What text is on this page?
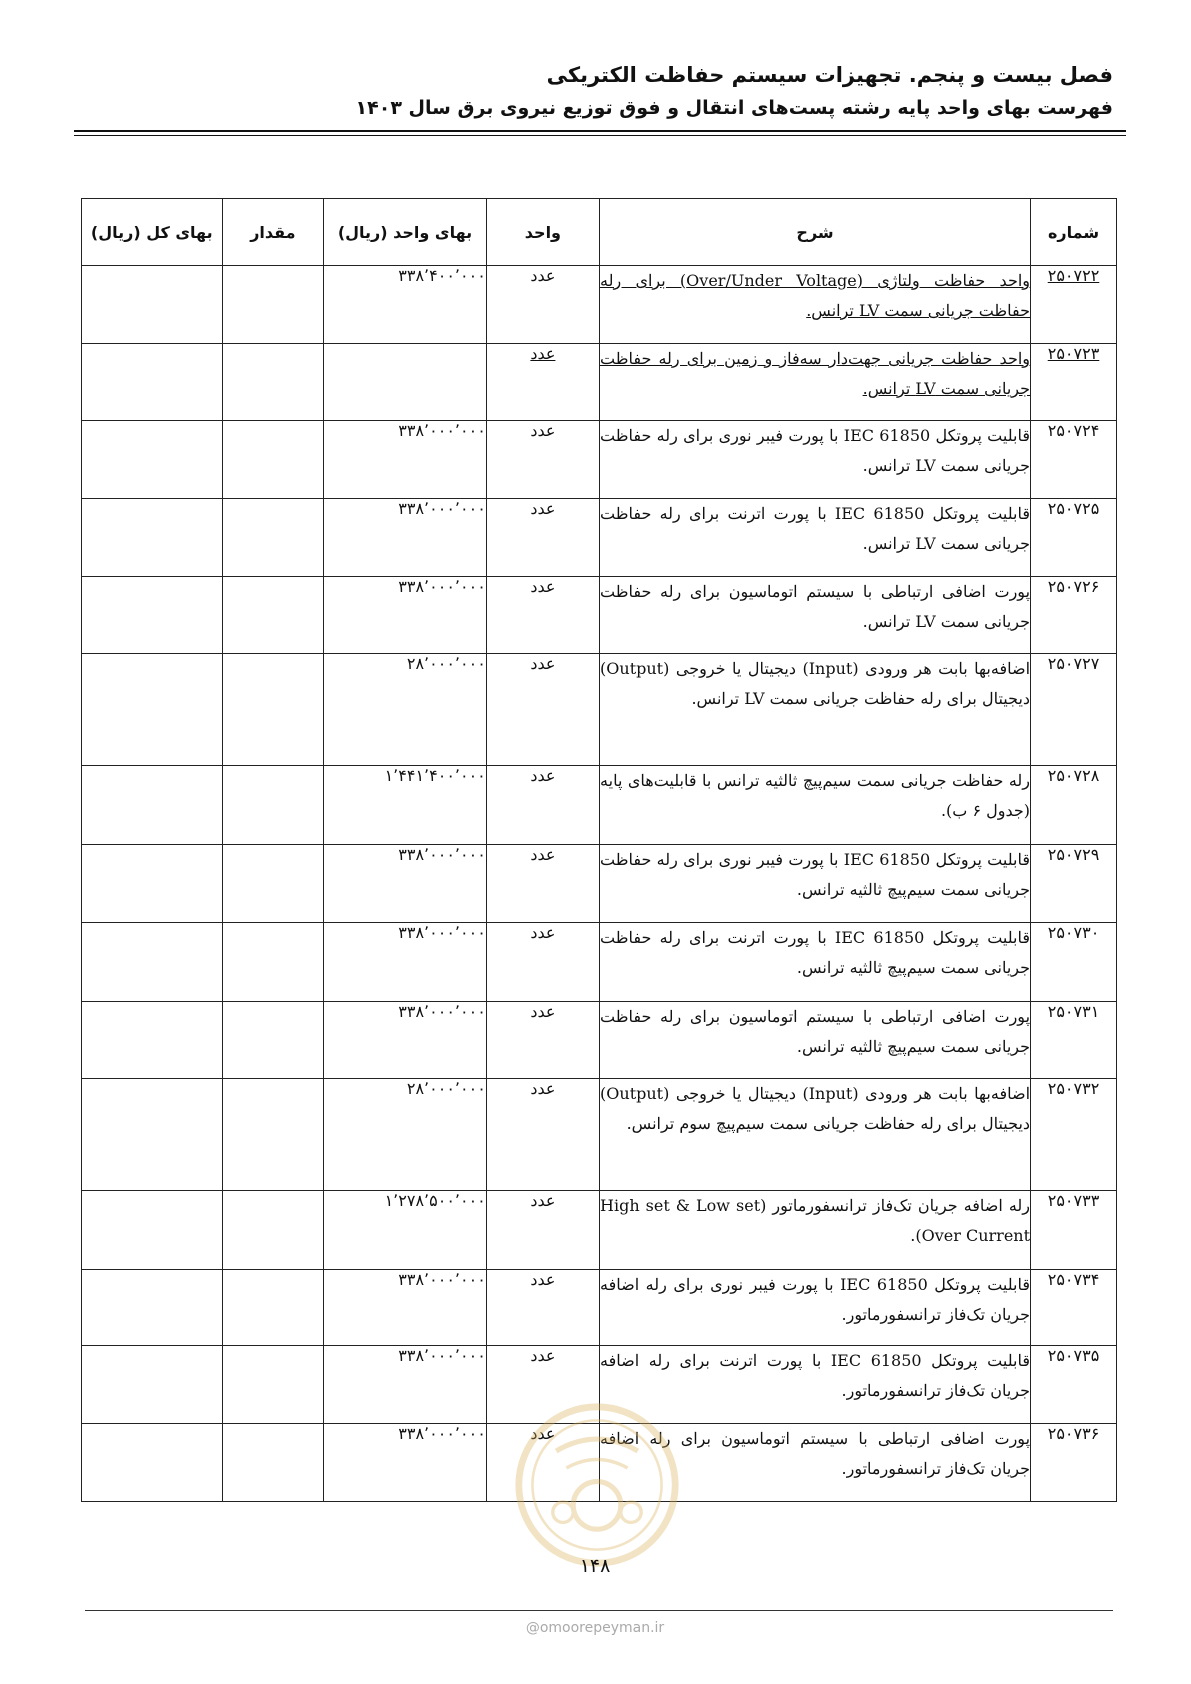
فصل بیست و پنجم. تجهیزات سیستم حفاظت الکتریکی
فهرست بهای واحد پایه رشته پست‌های انتقال و فوق توزیع نیروی برق سال ۱۴۰۳
شماره	شرح	واحد	بهای واحد (ریال)	مقدار	بهای کل (ریال)
۲۵۰۷۲۲	واحد حفاظت ولتاژی (Over/Under Voltage) برای رله حفاظت جریانی سمت LV ترانس.	عدد	۳۳۸٬۴۰۰٬۰۰۰		
۲۵۰۷۲۳	واحد حفاظت جریانی جهت‌دار سه‌فاز و زمین برای رله حفاظت جریانی سمت LV ترانس.	عدد			
۲۵۰۷۲۴	قابلیت پروتکل IEC 61850 با پورت فیبر نوری برای رله حفاظت جریانی سمت LV ترانس.	عدد	۳۳۸٬۰۰۰٬۰۰۰		
۲۵۰۷۲۵	قابلیت پروتکل IEC 61850 با پورت اترنت برای رله حفاظت جریانی سمت LV ترانس.	عدد	۳۳۸٬۰۰۰٬۰۰۰		
۲۵۰۷۲۶	پورت اضافی ارتباطی با سیستم اتوماسیون برای رله حفاظت جریانی سمت LV ترانس.	عدد	۳۳۸٬۰۰۰٬۰۰۰		
۲۵۰۷۲۷	اضافه‌بها بابت هر ورودی (Input) دیجیتال یا خروجی (Output) دیجیتال برای رله حفاظت جریانی سمت LV ترانس.	عدد	۲۸٬۰۰۰٬۰۰۰		
۲۵۰۷۲۸	رله حفاظت جریانی سمت سیم‌پیچ ثالثیه ترانس با قابلیت‌های پایه (جدول ۶ ب).	عدد	۱٬۴۴۱٬۴۰۰٬۰۰۰		
۲۵۰۷۲۹	قابلیت پروتکل IEC 61850 با پورت فیبر نوری برای رله حفاظت جریانی سمت سیم‌پیچ ثالثیه ترانس.	عدد	۳۳۸٬۰۰۰٬۰۰۰		
۲۵۰۷۳۰	قابلیت پروتکل IEC 61850 با پورت اترنت برای رله حفاظت جریانی سمت سیم‌پیچ ثالثیه ترانس.	عدد	۳۳۸٬۰۰۰٬۰۰۰		
۲۵۰۷۳۱	پورت اضافی ارتباطی با سیستم اتوماسیون برای رله حفاظت جریانی سمت سیم‌پیچ ثالثیه ترانس.	عدد	۳۳۸٬۰۰۰٬۰۰۰		
۲۵۰۷۳۲	اضافه‌بها بابت هر ورودی (Input) دیجیتال یا خروجی (Output) دیجیتال برای رله حفاظت جریانی سمت سیم‌پیچ سوم ترانس.	عدد	۲۸٬۰۰۰٬۰۰۰		
۲۵۰۷۳۳	رله اضافه جریان تک‌فاز ترانسفورماتور (High set & Low set Over Current).	عدد	۱٬۲۷۸٬۵۰۰٬۰۰۰		
۲۵۰۷۳۴	قابلیت پروتکل IEC 61850 با پورت فیبر نوری برای رله اضافه جریان تک‌فاز ترانسفورماتور.	عدد	۳۳۸٬۰۰۰٬۰۰۰		
۲۵۰۷۳۵	قابلیت پروتکل IEC 61850 با پورت اترنت برای رله اضافه جریان تک‌فاز ترانسفورماتور.	عدد	۳۳۸٬۰۰۰٬۰۰۰		
۲۵۰۷۳۶	پورت اضافی ارتباطی با سیستم اتوماسیون برای رله اضافه جریان تک‌فاز ترانسفورماتور.	عدد	۳۳۸٬۰۰۰٬۰۰۰		
۱۴۸
@omoorepeyman.ir
